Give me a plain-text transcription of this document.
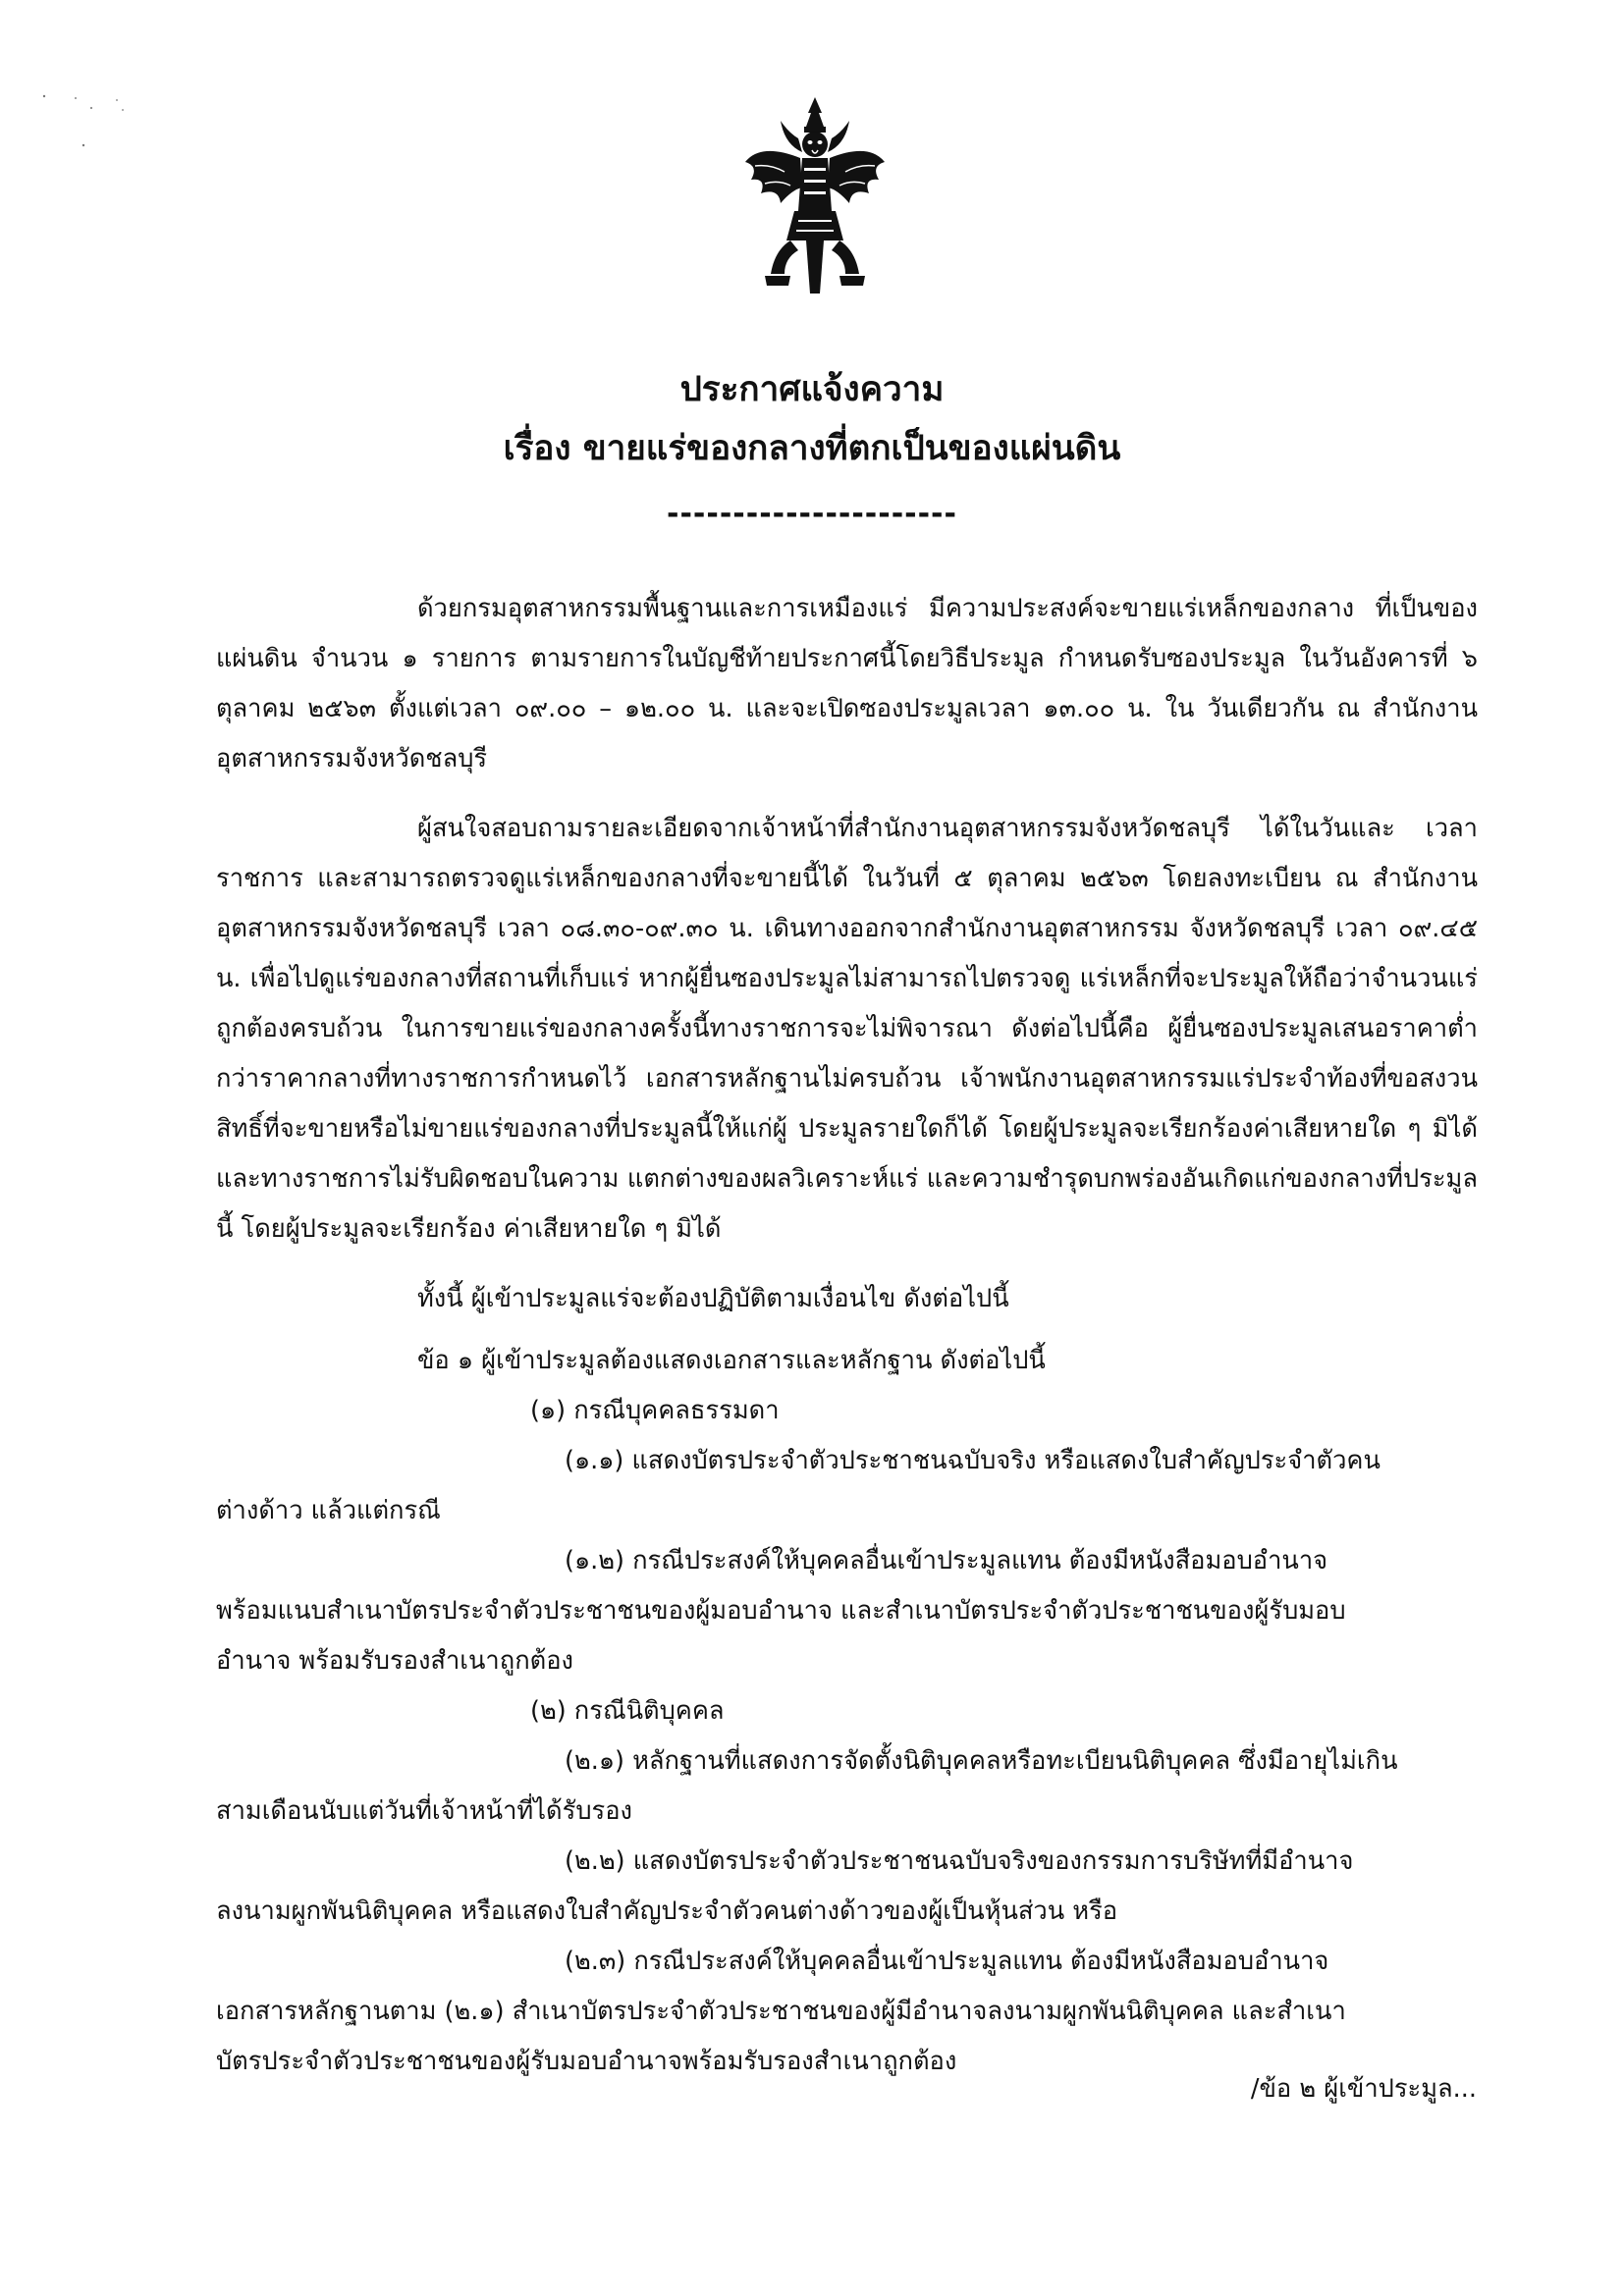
ประกาศแจ้งความ

เรื่อง ขายแร่ของกลางที่ตกเป็นของแผ่นดิน

----------------------

ด้วยกรมอุตสาหกรรมพื้นฐานและการเหมืองแร่ มีความประสงค์จะขายแร่เหล็กของกลาง ที่เป็นของแผ่นดิน จำนวน ๑ รายการ ตามรายการในบัญชีท้ายประกาศนี้โดยวิธีประมูล กำหนดรับซองประมูล ในวันอังคารที่ ๖ ตุลาคม ๒๕๖๓ ตั้งแต่เวลา ๐๙.๐๐ – ๑๒.๐๐ น. และจะเปิดซองประมูลเวลา ๑๓.๐๐ น. ใน วันเดียวกัน ณ สำนักงานอุตสาหกรรมจังหวัดชลบุรี

ผู้สนใจสอบถามรายละเอียดจากเจ้าหน้าที่สำนักงานอุตสาหกรรมจังหวัดชลบุรี ได้ในวันและ เวลาราชการ และสามารถตรวจดูแร่เหล็กของกลางที่จะขายนี้ได้ ในวันที่ ๕ ตุลาคม ๒๕๖๓ โดยลงทะเบียน ณ สำนักงานอุตสาหกรรมจังหวัดชลบุรี เวลา ๐๘.๓๐-๐๙.๓๐ น. เดินทางออกจากสำนักงานอุตสาหกรรม จังหวัดชลบุรี เวลา ๐๙.๔๕ น. เพื่อไปดูแร่ของกลางที่สถานที่เก็บแร่ หากผู้ยื่นซองประมูลไม่สามารถไปตรวจดู แร่เหล็กที่จะประมูลให้ถือว่าจำนวนแร่ถูกต้องครบถ้วน ในการขายแร่ของกลางครั้งนี้ทางราชการจะไม่พิจารณา ดังต่อไปนี้คือ ผู้ยื่นซองประมูลเสนอราคาต่ำกว่าราคากลางที่ทางราชการกำหนดไว้ เอกสารหลักฐานไม่ครบถ้วน เจ้าพนักงานอุตสาหกรรมแร่ประจำท้องที่ขอสงวนสิทธิ์ที่จะขายหรือไม่ขายแร่ของกลางที่ประมูลนี้ให้แก่ผู้ ประมูลรายใดก็ได้ โดยผู้ประมูลจะเรียกร้องค่าเสียหายใด ๆ มิได้ และทางราชการไม่รับผิดชอบในความ แตกต่างของผลวิเคราะห์แร่ และความชำรุดบกพร่องอันเกิดแก่ของกลางที่ประมูลนี้ โดยผู้ประมูลจะเรียกร้อง ค่าเสียหายใด ๆ มิได้

ทั้งนี้ ผู้เข้าประมูลแร่จะต้องปฏิบัติตามเงื่อนไข ดังต่อไปนี้

ข้อ ๑ ผู้เข้าประมูลต้องแสดงเอกสารและหลักฐาน ดังต่อไปนี้

(๑) กรณีบุคคลธรรมดา

(๑.๑) แสดงบัตรประจำตัวประชาชนฉบับจริง หรือแสดงใบสำคัญประจำตัวคน

ต่างด้าว แล้วแต่กรณี

(๑.๒) กรณีประสงค์ให้บุคคลอื่นเข้าประมูลแทน ต้องมีหนังสือมอบอำนาจ

พร้อมแนบสำเนาบัตรประจำตัวประชาชนของผู้มอบอำนาจ และสำเนาบัตรประจำตัวประชาชนของผู้รับมอบ

อำนาจ พร้อมรับรองสำเนาถูกต้อง

(๒) กรณีนิติบุคคล

(๒.๑) หลักฐานที่แสดงการจัดตั้งนิติบุคคลหรือทะเบียนนิติบุคคล ซึ่งมีอายุไม่เกิน

สามเดือนนับแต่วันที่เจ้าหน้าที่ได้รับรอง

(๒.๒) แสดงบัตรประจำตัวประชาชนฉบับจริงของกรรมการบริษัทที่มีอำนาจ

ลงนามผูกพันนิติบุคคล หรือแสดงใบสำคัญประจำตัวคนต่างด้าวของผู้เป็นหุ้นส่วน หรือ

(๒.๓) กรณีประสงค์ให้บุคคลอื่นเข้าประมูลแทน ต้องมีหนังสือมอบอำนาจ

เอกสารหลักฐานตาม (๒.๑) สำเนาบัตรประจำตัวประชาชนของผู้มีอำนาจลงนามผูกพันนิติบุคคล และสำเนา

บัตรประจำตัวประชาชนของผู้รับมอบอำนาจพร้อมรับรองสำเนาถูกต้อง

/ข้อ ๒ ผู้เข้าประมูล...
